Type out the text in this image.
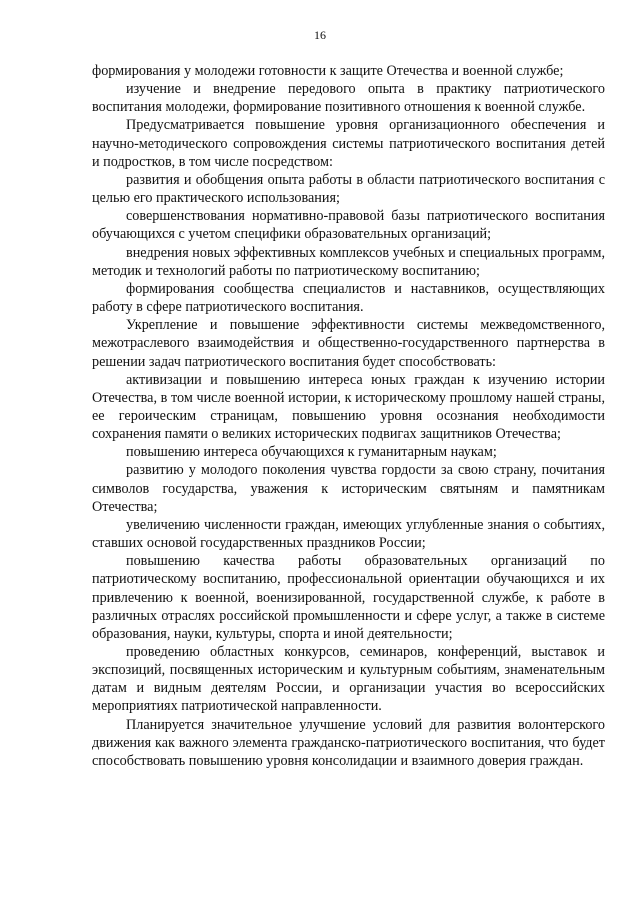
16

формирования у молодежи готовности к защите Отечества и военной службе;

изучение и внедрение передового опыта в практику патриотического воспитания молодежи, формирование позитивного отношения к военной службе.

Предусматривается повышение уровня организационного обеспечения и научно-методического сопровождения системы патриотического воспитания детей и подростков, в том числе посредством:

развития и обобщения опыта работы в области патриотического воспитания с целью его практического использования;

совершенствования нормативно-правовой базы патриотического воспитания обучающихся с учетом специфики образовательных организаций;

внедрения новых эффективных комплексов учебных и специальных программ, методик и технологий работы по патриотическому воспитанию;

формирования сообщества специалистов и наставников, осуществляющих работу в сфере патриотического воспитания.

Укрепление и повышение эффективности системы межведомственного, межотраслевого взаимодействия и общественно-государственного партнерства в решении задач патриотического воспитания будет способствовать:

активизации и повышению интереса юных граждан к изучению истории Отечества, в том числе военной истории, к историческому прошлому нашей страны, ее героическим страницам, повышению уровня осознания необходимости сохранения памяти о великих исторических подвигах защитников Отечества;

повышению интереса обучающихся к гуманитарным наукам;

развитию у молодого поколения чувства гордости за свою страну, почитания символов государства, уважения к историческим святыням и памятникам Отечества;

увеличению численности граждан, имеющих углубленные знания о событиях, ставших основой государственных праздников России;

повышению качества работы образовательных организаций по патриотическому воспитанию, профессиональной ориентации обучающихся и их привлечению к военной, военизированной, государственной службе, к работе в различных отраслях российской промышленности и сфере услуг, а также в системе образования, науки, культуры, спорта и иной деятельности;

проведению областных конкурсов, семинаров, конференций, выставок и экспозиций, посвященных историческим и культурным событиям, знаменательным датам и видным деятелям России, и организации участия во всероссийских мероприятиях патриотической направленности.

Планируется значительное улучшение условий для развития волонтерского движения как важного элемента гражданско-патриотического воспитания, что будет способствовать повышению уровня консолидации и взаимного доверия граждан.
